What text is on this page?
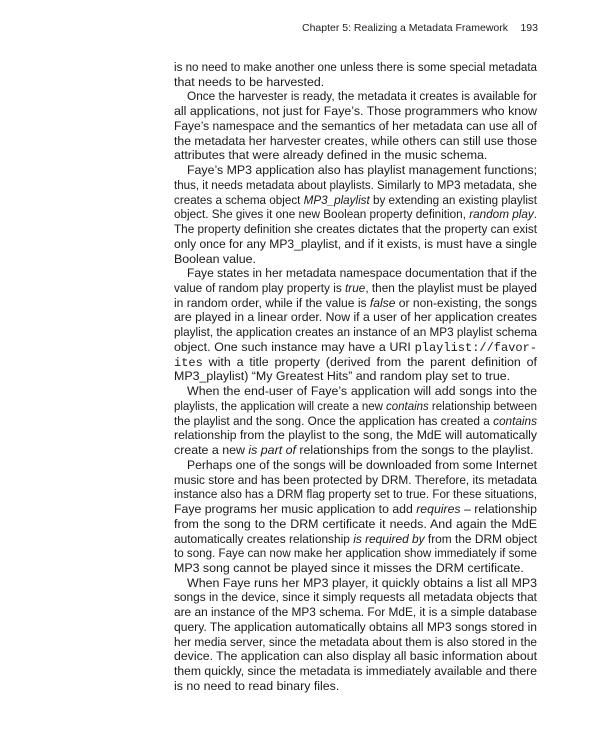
Chapter 5: Realizing a Metadata Framework 193
is no need to make another one unless there is some special metadata
that needs to be harvested.
Once the harvester is ready, the metadata it creates is available for
all applications, not just for Faye’s. Those programmers who know
Faye’s namespace and the semantics of her metadata can use all of
the metadata her harvester creates, while others can still use those
attributes that were already defined in the music schema.
Faye’s MP3 application also has playlist management functions;
thus, it needs metadata about playlists. Similarly to MP3 metadata, she
creates a schema object MP3_playlist by extending an existing playlist
object. She gives it one new Boolean property definition, random play.
The property definition she creates dictates that the property can exist
only once for any MP3_playlist, and if it exists, is must have a single
Boolean value.
Faye states in her metadata namespace documentation that if the
value of random play property is true, then the playlist must be played
in random order, while if the value is false or non-existing, the songs
are played in a linear order. Now if a user of her application creates
playlist, the application creates an instance of an MP3 playlist schema
object. One such instance may have a URI playlist://favor-
ites with a title property (derived from the parent definition of
MP3_playlist) “My Greatest Hits” and random play set to true.
When the end-user of Faye’s application will add songs into the
playlists, the application will create a new contains relationship between
the playlist and the song. Once the application has created a contains
relationship from the playlist to the song, the MdE will automatically
create a new is part of relationships from the songs to the playlist.
Perhaps one of the songs will be downloaded from some Internet
music store and has been protected by DRM. Therefore, its metadata
instance also has a DRM flag property set to true. For these situations,
Faye programs her music application to add requires – relationship
from the song to the DRM certificate it needs. And again the MdE
automatically creates relationship is required by from the DRM object
to song. Faye can now make her application show immediately if some
MP3 song cannot be played since it misses the DRM certificate.
When Faye runs her MP3 player, it quickly obtains a list all MP3
songs in the device, since it simply requests all metadata objects that
are an instance of the MP3 schema. For MdE, it is a simple database
query. The application automatically obtains all MP3 songs stored in
her media server, since the metadata about them is also stored in the
device. The application can also display all basic information about
them quickly, since the metadata is immediately available and there
is no need to read binary files.
